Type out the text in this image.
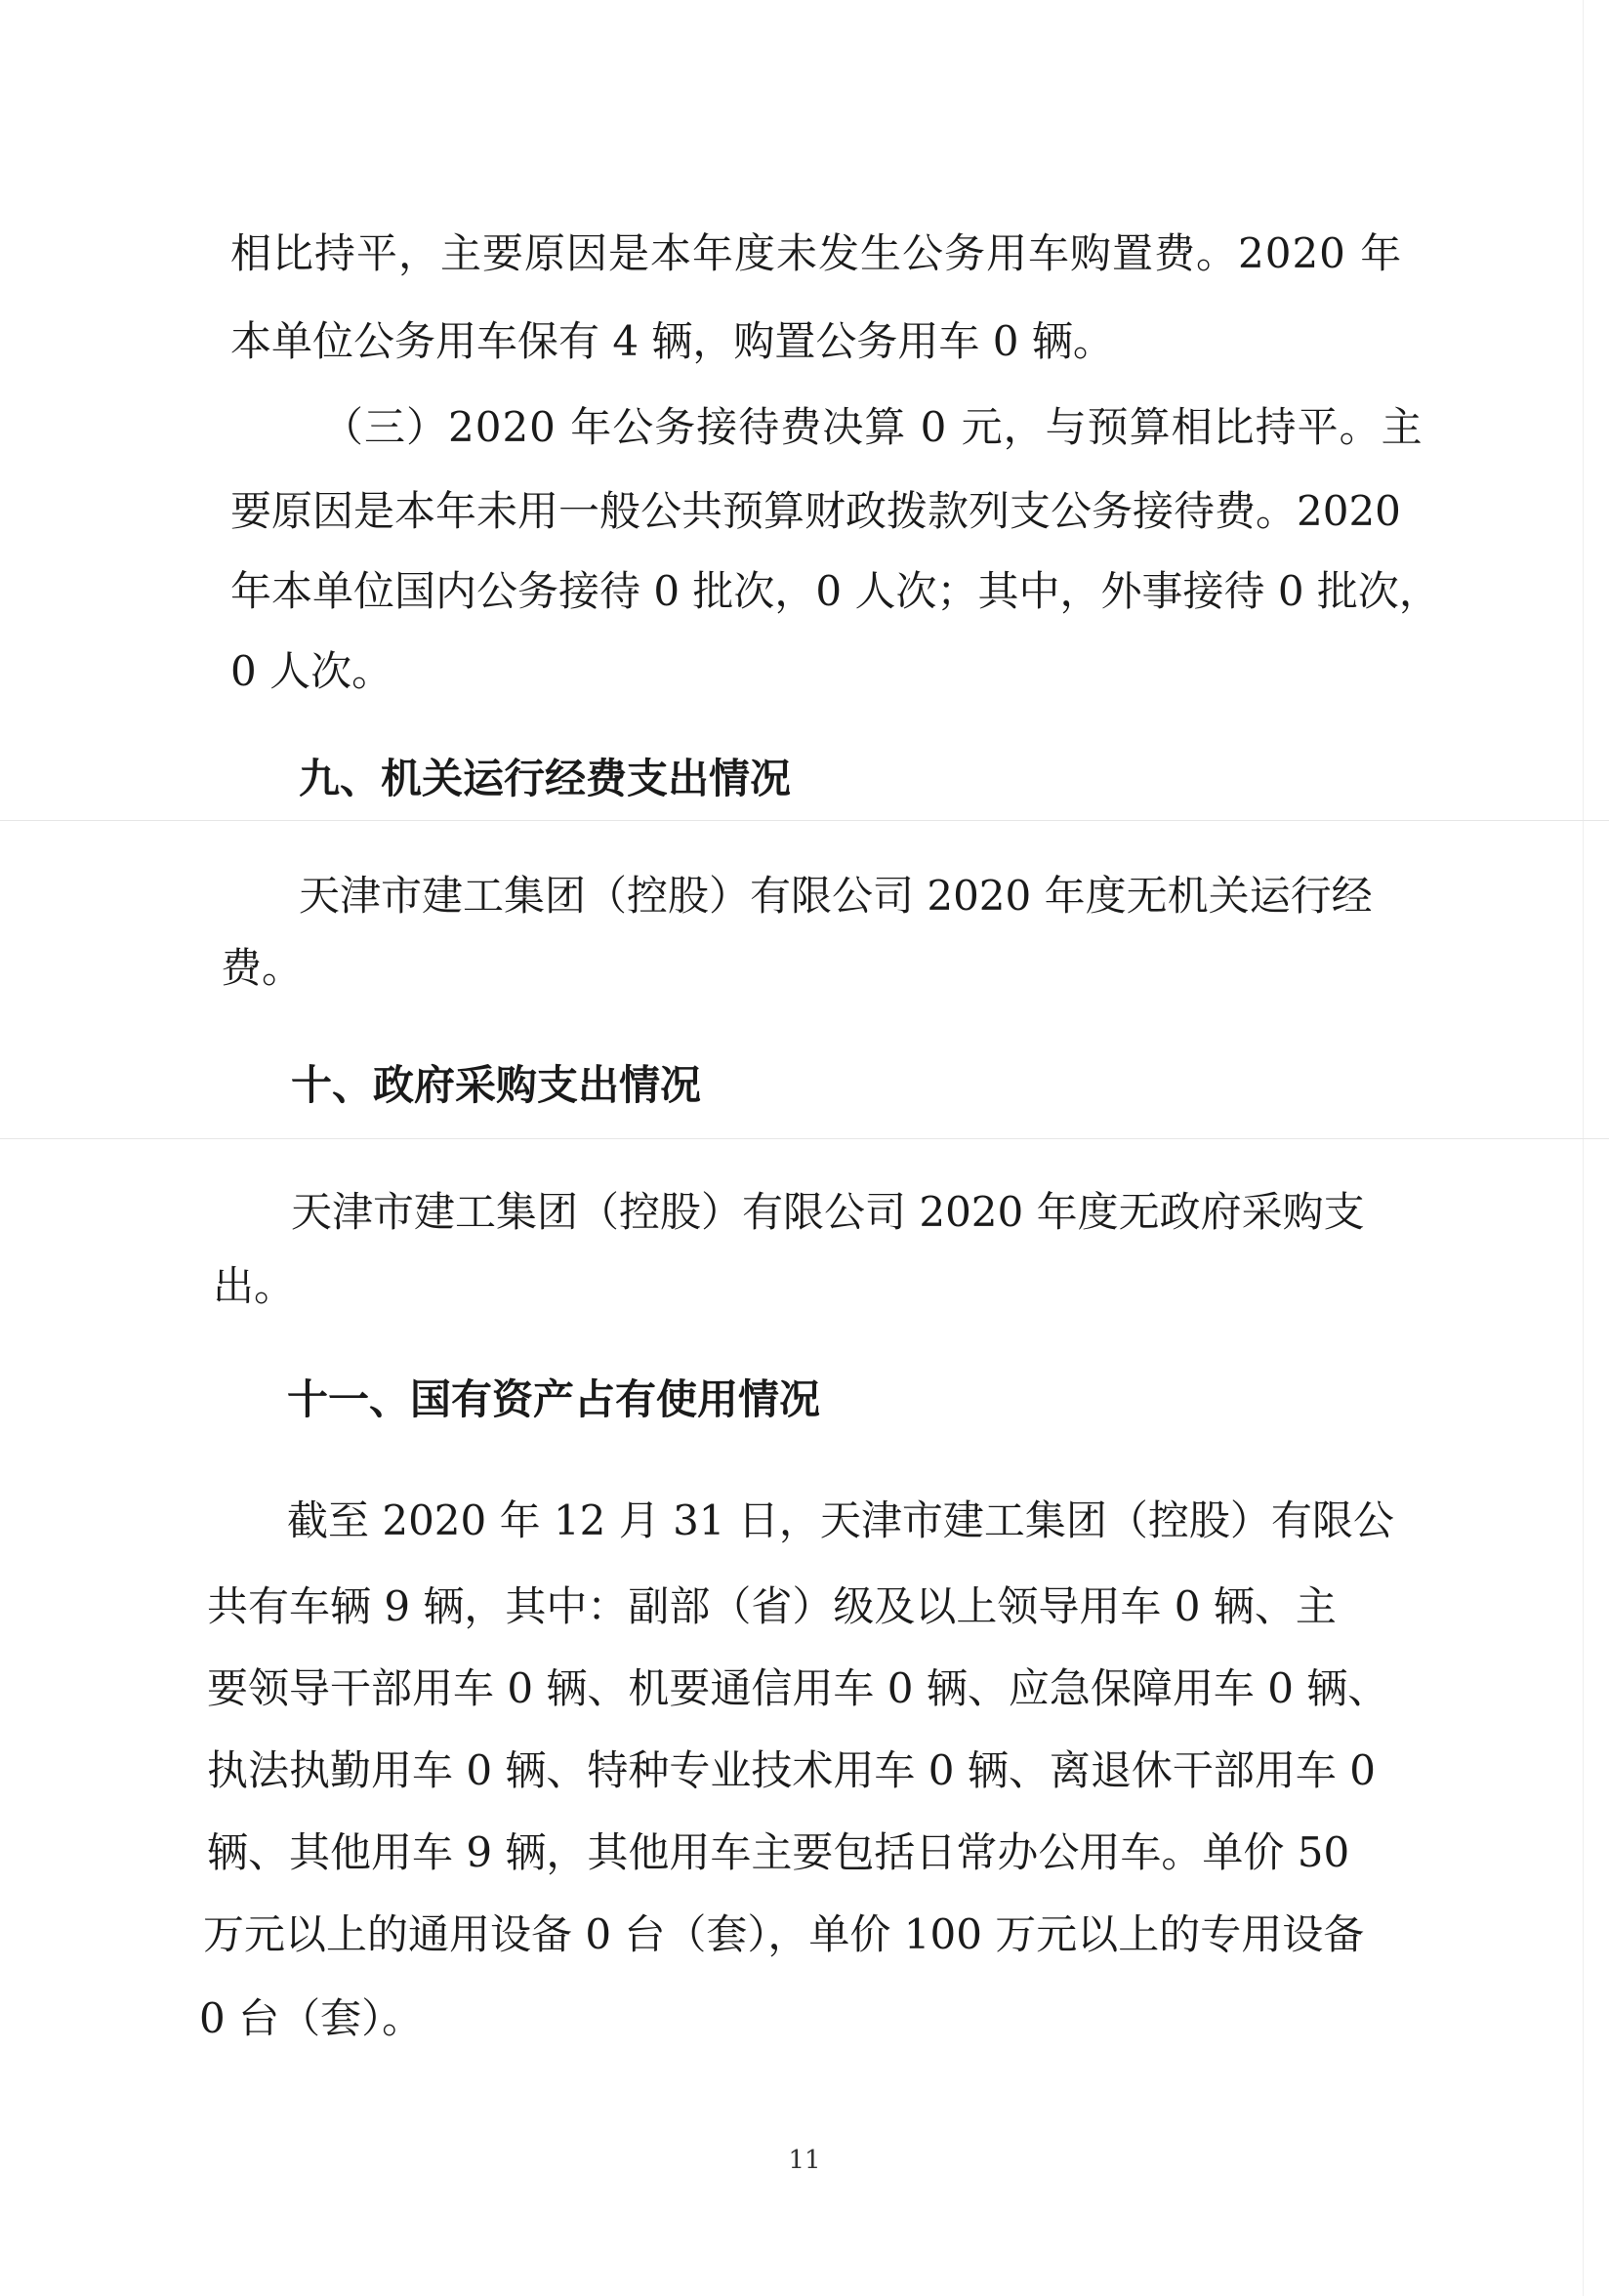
相比持平，主要原因是本年度未发生公务用车购置费。2020 年
本单位公务用车保有 4 辆，购置公务用车 0 辆。
（三）2020 年公务接待费决算 0 元，与预算相比持平。主
要原因是本年未用一般公共预算财政拨款列支公务接待费。2020
年本单位国内公务接待 0 批次，0 人次；其中，外事接待 0 批次，
0 人次。
九、机关运行经费支出情况
天津市建工集团（控股）有限公司 2020 年度无机关运行经
费。
十、政府采购支出情况
天津市建工集团（控股）有限公司 2020 年度无政府采购支
出。
十一、国有资产占有使用情况
截至 2020 年 12 月 31 日，天津市建工集团（控股）有限公
共有车辆 9 辆，其中：副部（省）级及以上领导用车 0 辆、主
要领导干部用车 0 辆、机要通信用车 0 辆、应急保障用车 0 辆、
执法执勤用车 0 辆、特种专业技术用车 0 辆、离退休干部用车 0
辆、其他用车 9 辆，其他用车主要包括日常办公用车。单价 50
万元以上的通用设备 0 台（套），单价 100 万元以上的专用设备
0 台（套）。
11
